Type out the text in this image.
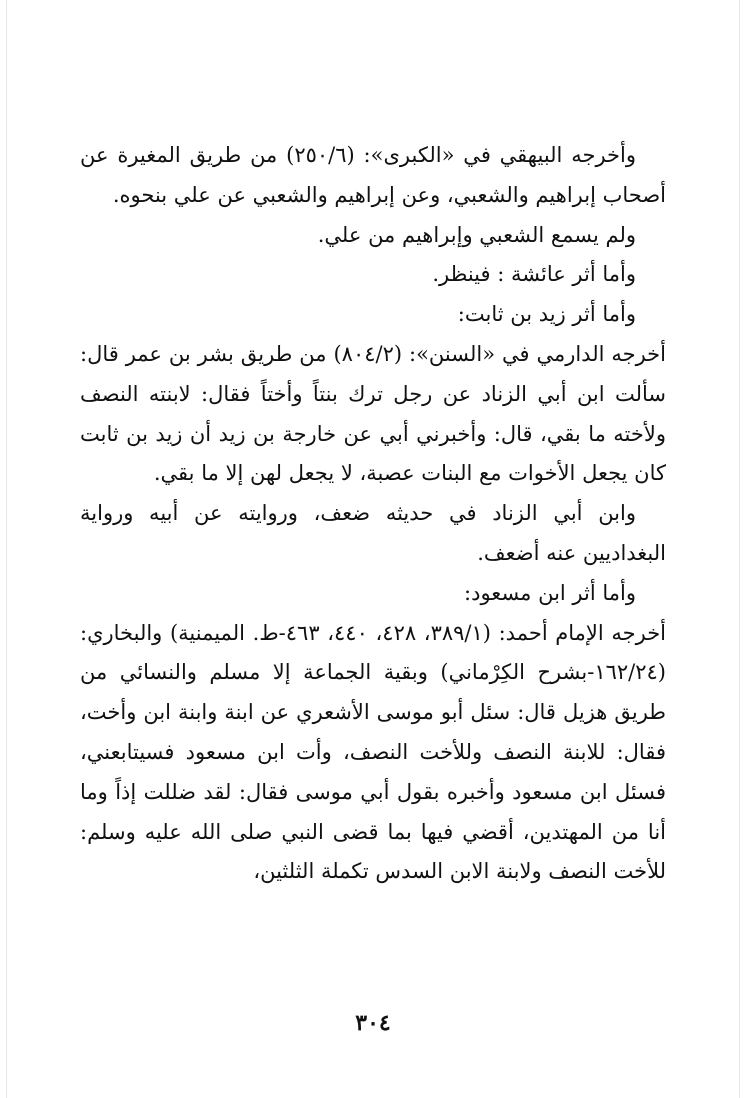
وأخرجه البيهقي في «الكبرى»: (٢٥٠/٦) من طريق المغيرة عن أصحاب إبراهيم والشعبي، وعن إبراهيم والشعبي عن علي بنحوه.

ولم يسمع الشعبي وإبراهيم من علي.

وأما أثر عائشة : فينظر.

وأما أثر زيد بن ثابت:

أخرجه الدارمي في «السنن»: (٨٠٤/٢) من طريق بشر بن عمر قال: سألت ابن أبي الزناد عن رجل ترك بنتاً وأختاً فقال: لابنته النصف ولأخته ما بقي، قال: وأخبرني أبي عن خارجة بن زيد أن زيد بن ثابت كان يجعل الأخوات مع البنات عصبة، لا يجعل لهن إلا ما بقي.

وابن أبي الزناد في حديثه ضعف، وروايته عن أبيه ورواية البغداديين عنه أضعف.

وأما أثر ابن مسعود:

أخرجه الإمام أحمد: (٣٨٩/١، ٤٢٨، ٤٤٠، ٤٦٣-ط. الميمنية) والبخاري: (١٦٢/٢٤-بشرح الكِرْماني) وبقية الجماعة إلا مسلم والنسائي من طريق هزيل قال: سئل أبو موسى الأشعري عن ابنة وابنة ابن وأخت، فقال: للابنة النصف وللأخت النصف، وأت ابن مسعود فسيتابعني، فسئل ابن مسعود وأخبره بقول أبي موسى فقال: لقد ضللت إذاً وما أنا من المهتدين، أقضي فيها بما قضى النبي صلى الله عليه وسلم: للأخت النصف ولابنة الابن السدس تكملة الثلثين،

٣٠٤
